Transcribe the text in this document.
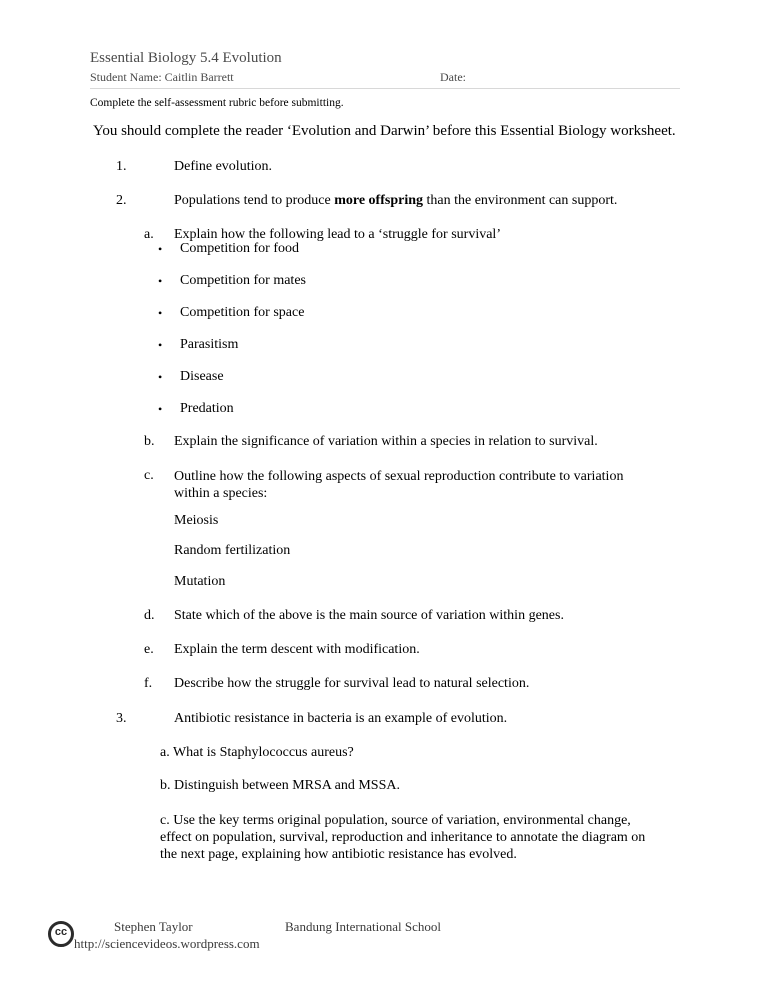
Essential Biology 5.4 Evolution
Student Name: Caitlin Barrett	Date:
Complete the self-assessment rubric before submitting.
You should complete the reader ‘Evolution and Darwin’ before this Essential Biology worksheet.
1.	Define evolution.
2.	Populations tend to produce more offspring than the environment can support.
a. Explain how the following lead to a ‘struggle for survival’
• Competition for food
• Competition for mates
• Competition for space
• Parasitism
• Disease
• Predation
b. Explain the significance of variation within a species in relation to survival.
c. Outline how the following aspects of sexual reproduction contribute to variation within a species:
Meiosis
Random fertilization
Mutation
d. State which of the above is the main source of variation within genes.
e. Explain the term descent with modification.
f. Describe how the struggle for survival lead to natural selection.
3.	Antibiotic resistance in bacteria is an example of evolution.
a. What is Staphylococcus aureus?
b. Distinguish between MRSA and MSSA.
c. Use the key terms original population, source of variation, environmental change, effect on population, survival, reproduction and inheritance to annotate the diagram on the next page, explaining how antibiotic resistance has evolved.
cc	Stephen Taylor	Bandung International School
http://sciencevideos.wordpress.com
